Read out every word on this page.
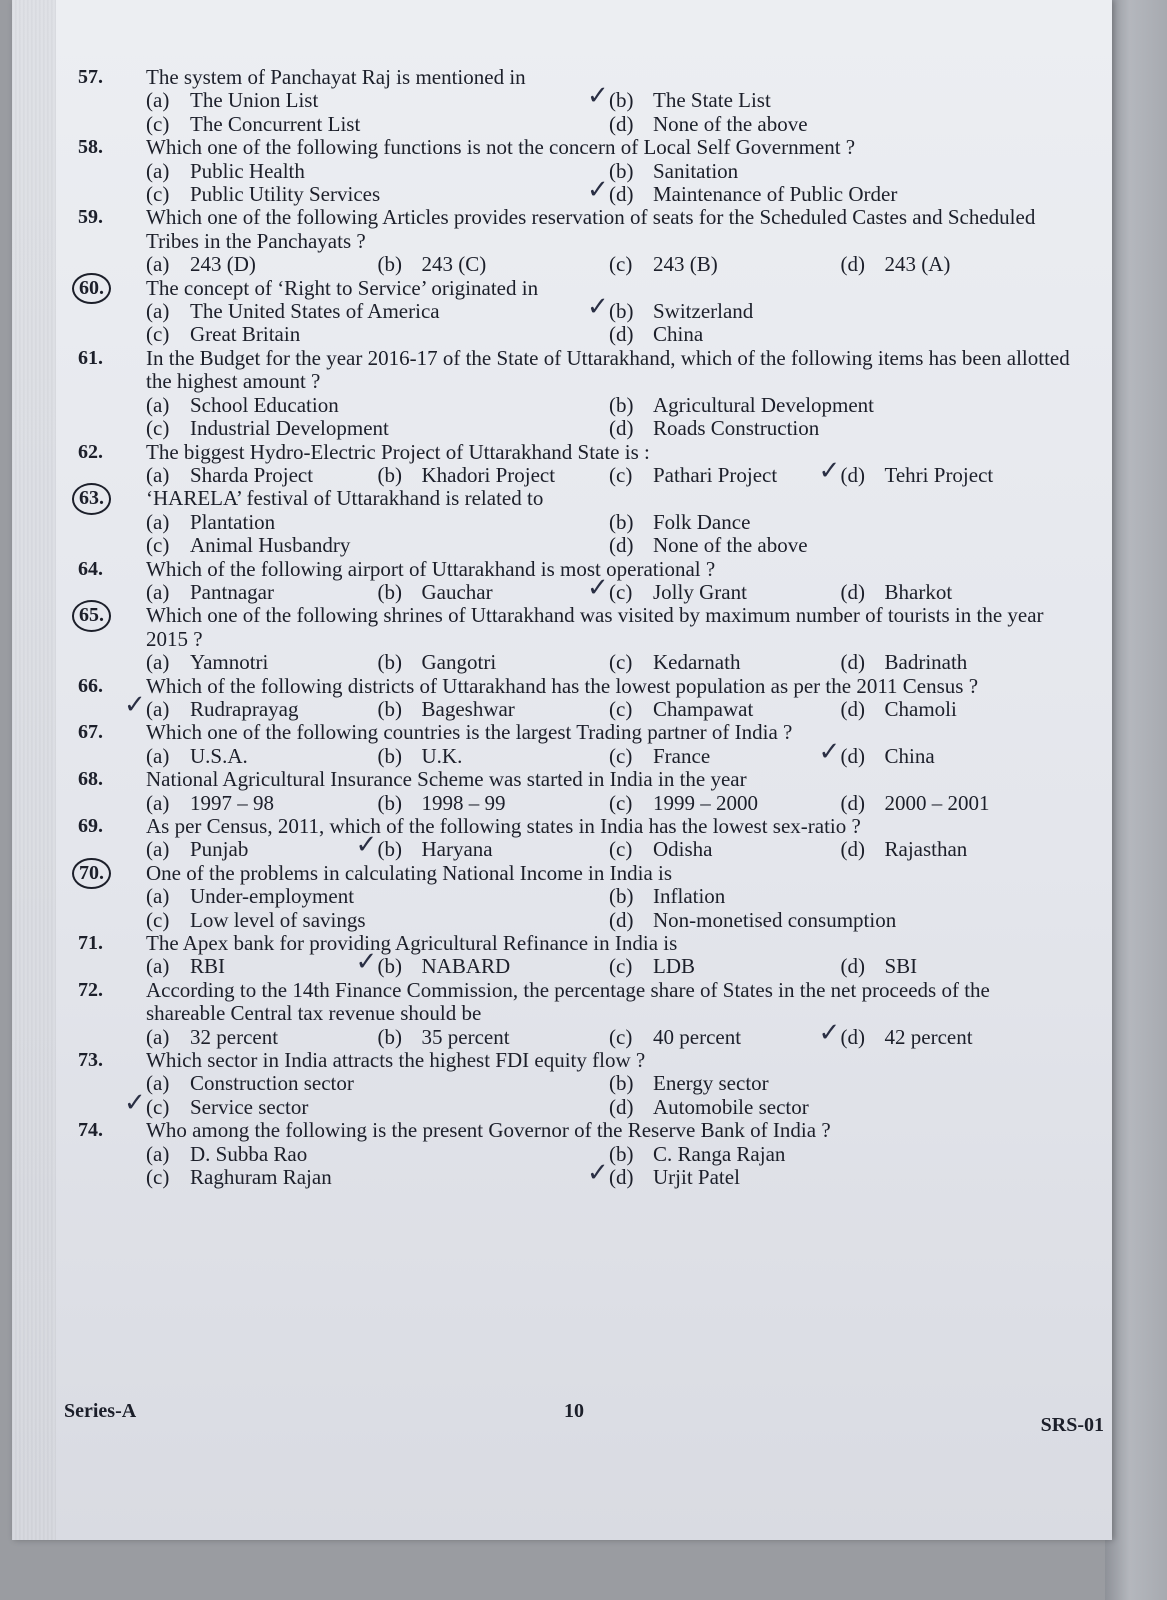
57. The system of Panchayat Raj is mentioned in
(a) The Union List	✓ (b) The State List
(c) The Concurrent List	(d) None of the above
58. Which one of the following functions is not the concern of Local Self Government ?
(a) Public Health	(b) Sanitation
(c) Public Utility Services	✓ (d) Maintenance of Public Order
59. Which one of the following Articles provides reservation of seats for the Scheduled Castes and Scheduled Tribes in the Panchayats ?
(a) 243 (D)	(b) 243 (C)	(c) 243 (B)	(d) 243 (A)
60.	The concept of ‘Right to Service’ originated in
(a) The United States of America	✓ (b) Switzerland
(c) Great Britain	(d) China
61. In the Budget for the year 2016-17 of the State of Uttarakhand, which of the following items has been allotted the highest amount ?
(a) School Education	(b) Agricultural Development
(c) Industrial Development	(d) Roads Construction
62. The biggest Hydro-Electric Project of Uttarakhand State is :
(a) Sharda Project	(b) Khadori Project	(c) Pathari Project ✓ (d) Tehri Project
63.	‘HARELA’ festival of Uttarakhand is related to
(a) Plantation	(b) Folk Dance
(c) Animal Husbandry	(d) None of the above
64. Which of the following airport of Uttarakhand is most operational ?
(a) Pantnagar	(b) Gauchar	✓ (c) Jolly Grant	(d) Bharkot
65.	Which one of the following shrines of Uttarakhand was visited by maximum number of tourists in the year 2015 ?
(a) Yamnotri	(b) Gangotri	(c) Kedarnath	(d) Badrinath
66. Which of the following districts of Uttarakhand has the lowest population as per the 2011 Census ?
✓ (a) Rudraprayag	(b) Bageshwar	(c) Champawat	(d) Chamoli
67. Which one of the following countries is the largest Trading partner of India ?
(a) U.S.A.	(b) U.K.	(c) France	✓ (d) China
68. National Agricultural Insurance Scheme was started in India in the year
(a) 1997 – 98	(b) 1998 – 99	(c) 1999 – 2000	(d) 2000 – 2001
69. As per Census, 2011, which of the following states in India has the lowest sex-ratio ?
(a) Punjab	✓ (b) Haryana	(c) Odisha	(d) Rajasthan
70.	One of the problems in calculating National Income in India is
(a) Under-employment	(b) Inflation
(c) Low level of savings	(d) Non-monetised consumption
71. The Apex bank for providing Agricultural Refinance in India is
(a) RBI	✓ (b) NABARD	(c) LDB	(d) SBI
72. According to the 14th Finance Commission, the percentage share of States in the net proceeds of the shareable Central tax revenue should be
(a) 32 percent	(b) 35 percent	(c) 40 percent	✓ (d) 42 percent
73. Which sector in India attracts the highest FDI equity flow ?
(a) Construction sector	(b) Energy sector
✓ (c) Service sector	(d) Automobile sector
74. Who among the following is the present Governor of the Reserve Bank of India ?
(a) D. Subba Rao	(b) C. Ranga Rajan
(c) Raghuram Rajan	✓ (d) Urjit Patel
Series-A	10
SRS-01
